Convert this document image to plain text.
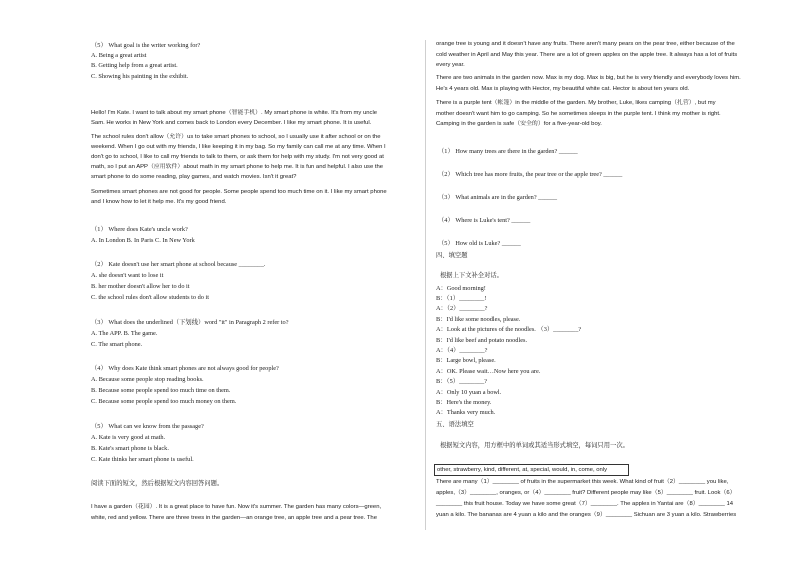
（5） What goal is the writer working for?
A. Being a great artist
B. Getting help from a great artist.
C. Showing his painting in the exhibit.
Hello! I'm Kate. I want to talk about my smart phone（智能手机）. My smart phone is white. It's from my uncle
Sam. He works in New York and comes back to London every December. I like my smart phone. It is useful.
The school rules don't allow（允许）us to take smart phones to school, so I usually use it after school or on the
weekend. When I go out with my friends, I like keeping it in my bag. So my family can call me at any time. When I
don't go to school, I like to call my friends to talk to them, or ask them for help with my study. I'm not very good at
math, so I put an APP（应用软件）about math in my smart phone to help me. It is fun and helpful. I also use the
smart phone to do some reading, play games, and watch movies. Isn't it great?
Sometimes smart phones are not good for people. Some people spend too much time on it. I like my smart phone
and I know how to let it help me. It's my good friend.
（1） Where does Kate's uncle work?
A. In London B. In Paris C. In New York
（2） Kate doesn't use her smart phone at school because ________.
A. she doesn't want to lose it
B. her mother doesn't allow her to do it
C. the school rules don't allow students to do it
（3） What does the underlined（下划线）word "it" in Paragraph 2 refer to?
A. The APP. B. The game.
C. The smart phone.
（4） Why does Kate think smart phones are not always good for people?
A. Because some people stop reading books.
B. Because some people spend too much time on them.
C. Because some people spend too much money on them.
（5） What can we know from the passage?
A. Kate is very good at math.
B. Kate's smart phone is black.
C. Kate thinks her smart phone is useful.
阅读下面的短文，然后根据短文内容回答问题。
I have a garden（花园）. It is a great place to have fun. Now it's summer. The garden has many colors—green,
white, red and yellow. There are three trees in the garden—an orange tree, an apple tree and a pear tree. The
orange tree is young and it doesn't have any fruits. There aren't many pears on the pear tree, either because of the
cold weather in April and May this year. There are a lot of green apples on the apple tree. It always has a lot of fruits
every year.
There are two animals in the garden now. Max is my dog. Max is big, but he is very friendly and everybody loves him.
He's 4 years old. Max is playing with Hector, my beautiful white cat. Hector is about ten years old.
There is a purple tent（帐篷）in the middle of the garden. My brother, Luke, likes camping（扎营）, but my
mother doesn't want him to go camping. So he sometimes sleeps in the purple tent. I think my mother is right.
Camping in the garden is safe（安全的）for a five-year-old boy.
（1） How many trees are there in the garden? ______
（2） Which tree has more fruits, the pear tree or the apple tree? ______
（3） What animals are in the garden? ______
（4） Where is Luke's tent? ______
（5） How old is Luke? ______
四、填空题
根据上下文补全对话。
A：Good morning!
B：（1）________!
A：（2）________?
B：I'd like some noodles, please.
A：Look at the pictures of the noodles. （3）________?
B：I'd like beef and potato noodles.
A：（4）________?
B：Large bowl, please.
A：OK. Please wait…Now here you are.
B：（5）________?
A：Only 10 yuan a bowl.
B：Here's the money.
A：Thanks very much.
五、语法填空
根据短文内容，用方框中的单词或其适当形式填空，每词只用一次。
other, strawberry, kind, different, at, special, would, in, come, only
There are many（1）________ of fruits in the supermarket this week. What kind of fruit（2）________ you like,
apples,（3）________, oranges, or（4）________ fruit? Different people may like（5）________ fruit. Look（6）
________ this fruit house. Today we have some great（7）________. The apples in Yantai are（8）________ 14
yuan a kilo. The bananas are 4 yuan a kilo and the oranges（9）________ Sichuan are 3 yuan a kilo. Strawberries
